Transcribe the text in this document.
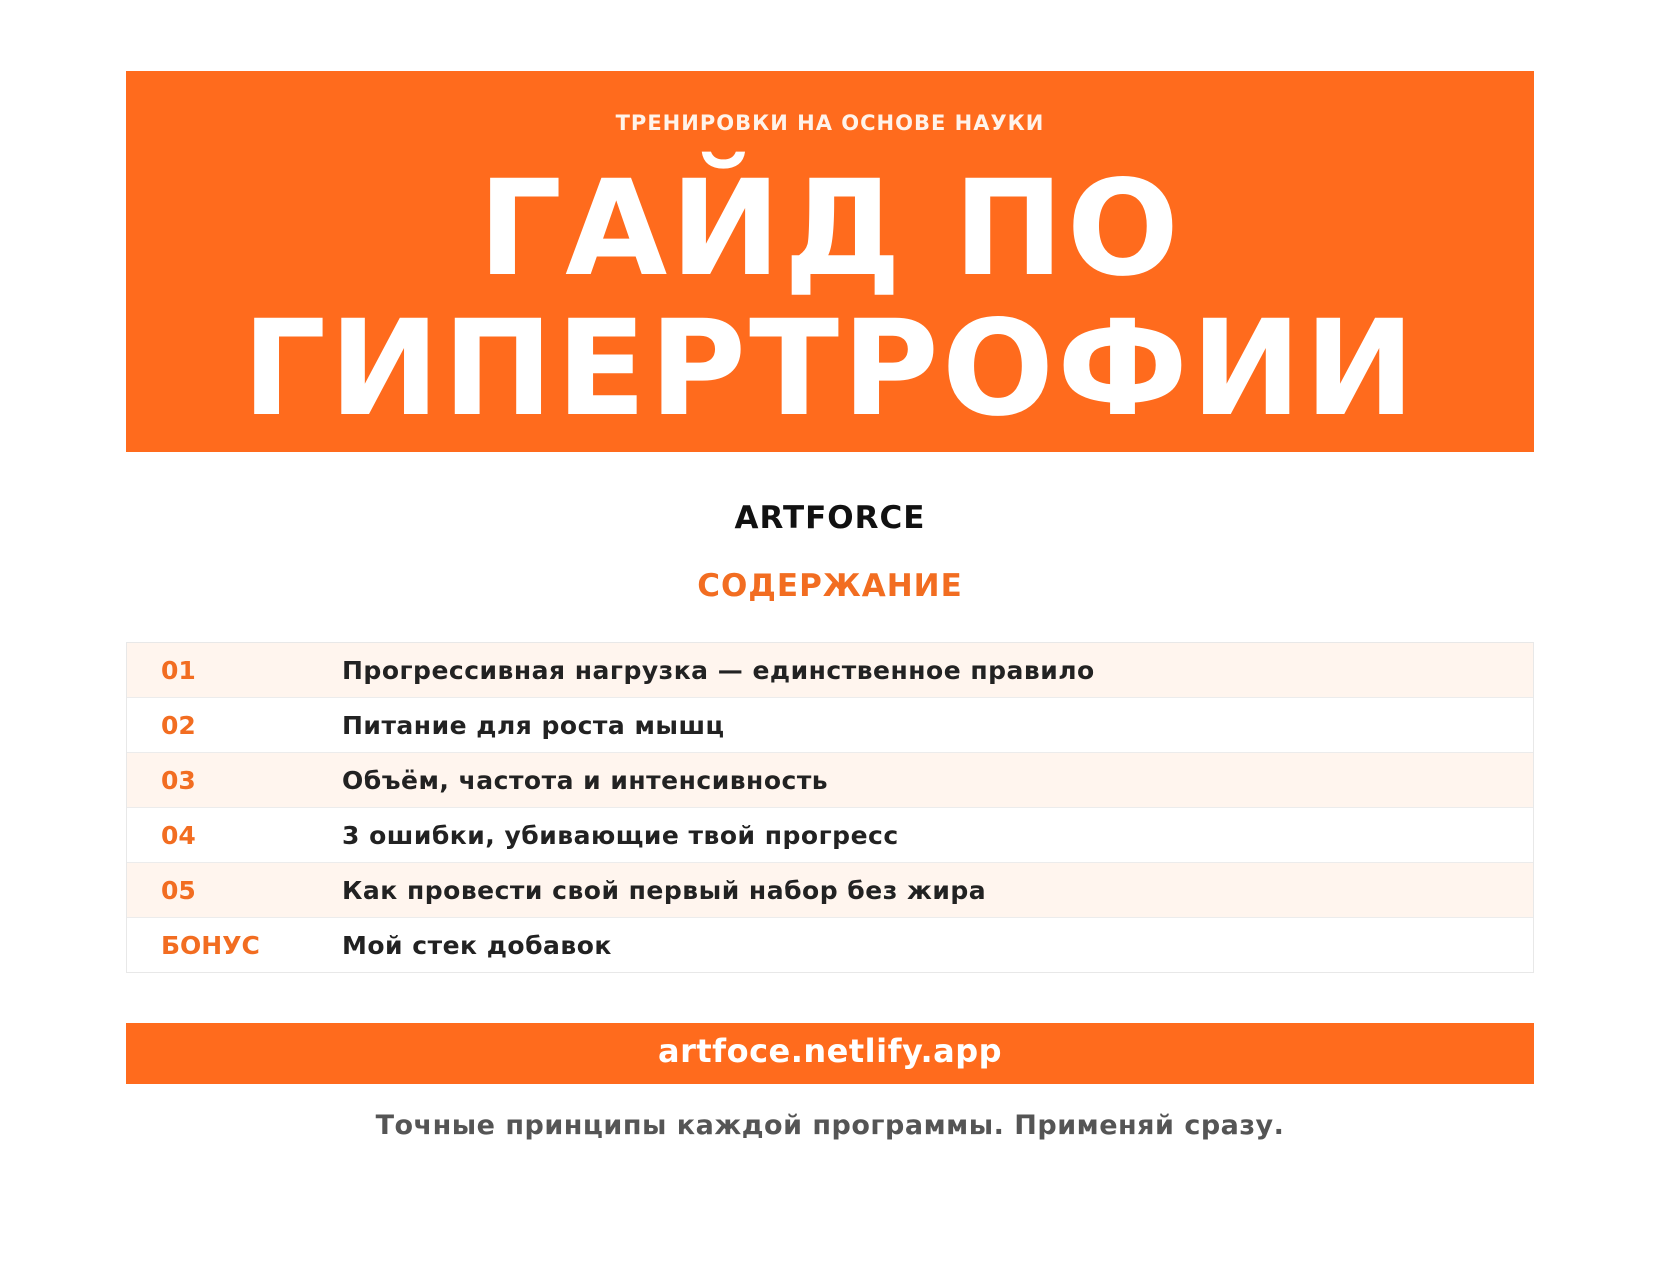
ТРЕНИРОВКИ НА ОСНОВЕ НАУКИ
ГАЙД ПО
ГИПЕРТРОФИИ
ARTFORCE
СОДЕРЖАНИЕ
01	Прогрессивная нагрузка — единственное правило
02	Питание для роста мышц
03	Объём, частота и интенсивность
04	3 ошибки, убивающие твой прогресс
05	Как провести свой первый набор без жира
БОНУС	Мой стек добавок
artfoce.netlify.app
Точные принципы каждой программы. Применяй сразу.
